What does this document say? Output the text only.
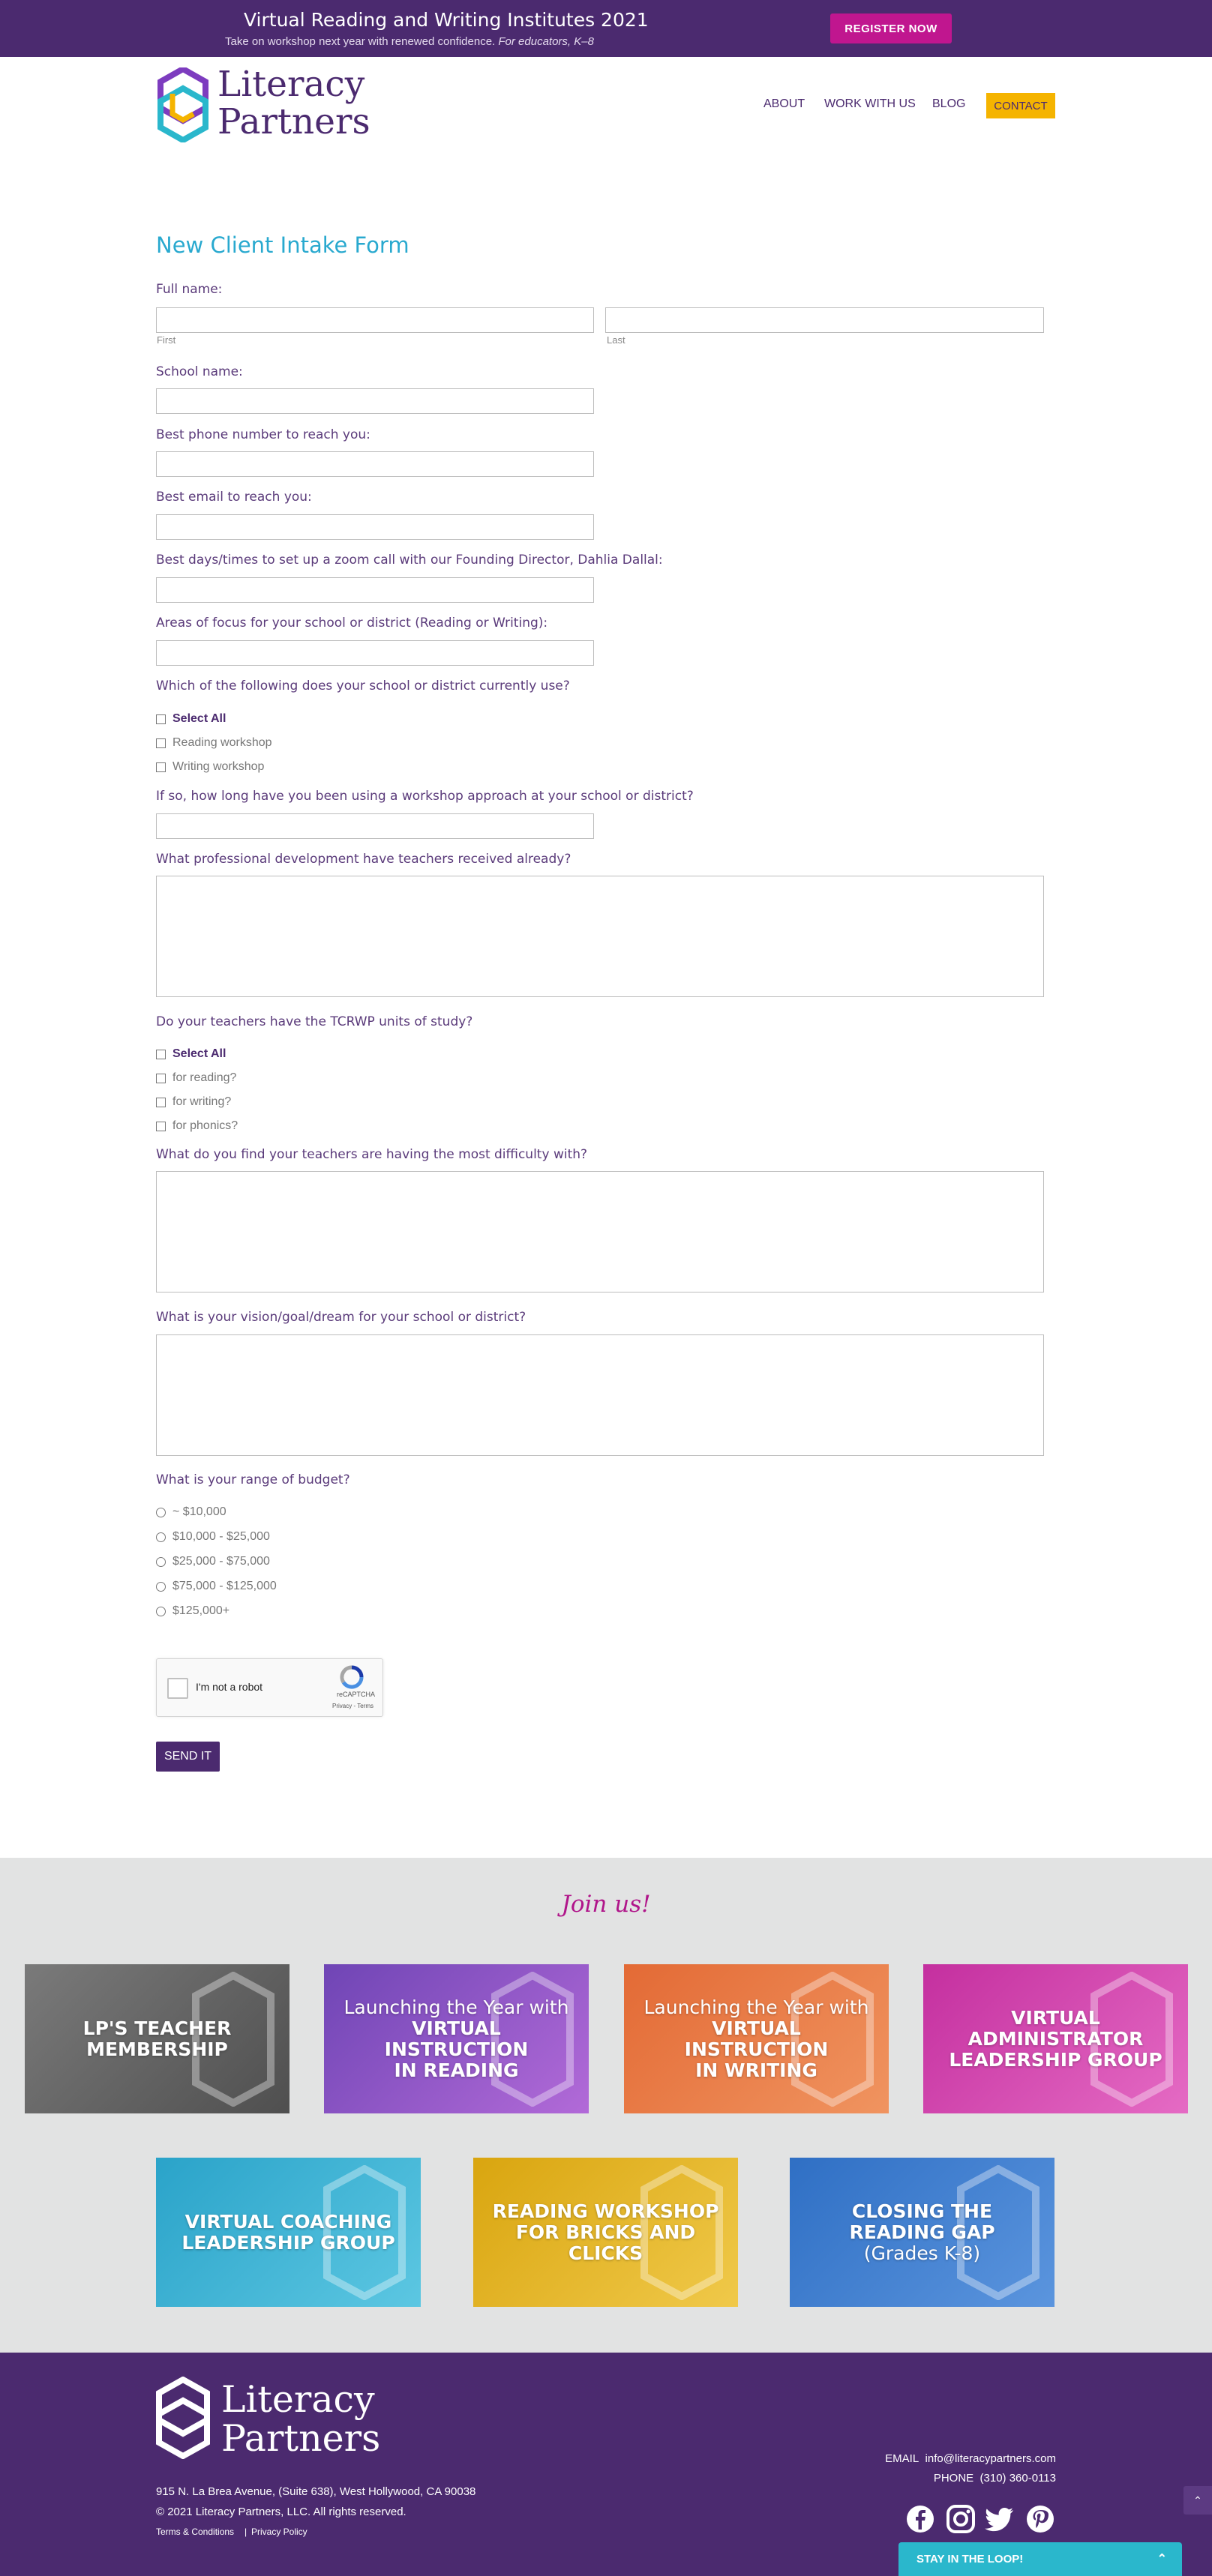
Virtual Reading and Writing Institutes 2021
Take on workshop next year with renewed confidence. For educators, K–8
REGISTER NOW
Literacy
Partners	ABOUT WORK WITH US BLOG	CONTACT
New Client Intake Form
Full name:
First	Last
School name:
Best phone number to reach you:
Best email to reach you:
Best days/times to set up a zoom call with our Founding Director, Dahlia Dallal:
Areas of focus for your school or district (Reading or Writing):
Which of the following does your school or district currently use?
Select All
Reading workshop
Writing workshop
If so, how long have you been using a workshop approach at your school or district?
What professional development have teachers received already?
Do your teachers have the TCRWP units of study?
Select All
for reading?
for writing?
for phonics?
What do you find your teachers are having the most difficulty with?
What is your vision/goal/dream for your school or district?
What is your range of budget?
~ $10,000
$10,000 - $25,000
$25,000 - $75,000
$75,000 - $125,000
$125,000+
I'm not a robot
reCAPTCHA
Privacy - Terms
SEND IT
Join us!
LP'S TEACHER
MEMBERSHIP
Launching the Year with
VIRTUAL INSTRUCTION
IN READING
Launching the Year with
VIRTUAL INSTRUCTION
IN WRITING
VIRTUAL ADMINISTRATOR
LEADERSHIP GROUP
VIRTUAL COACHING
LEADERSHIP GROUP
READING WORKSHOP
FOR BRICKS AND
CLICKS
CLOSING THE
READING GAP
(Grades K-8)
Literacy
Partners
915 N. La Brea Avenue, (Suite 638), West Hollywood, CA 90038
© 2021 Literacy Partners, LLC. All rights reserved.
Terms & Conditions | Privacy Policy
EMAIL info@literacypartners.com
PHONE (310) 360-0113
⌃
STAY IN THE LOOP!	⌃
